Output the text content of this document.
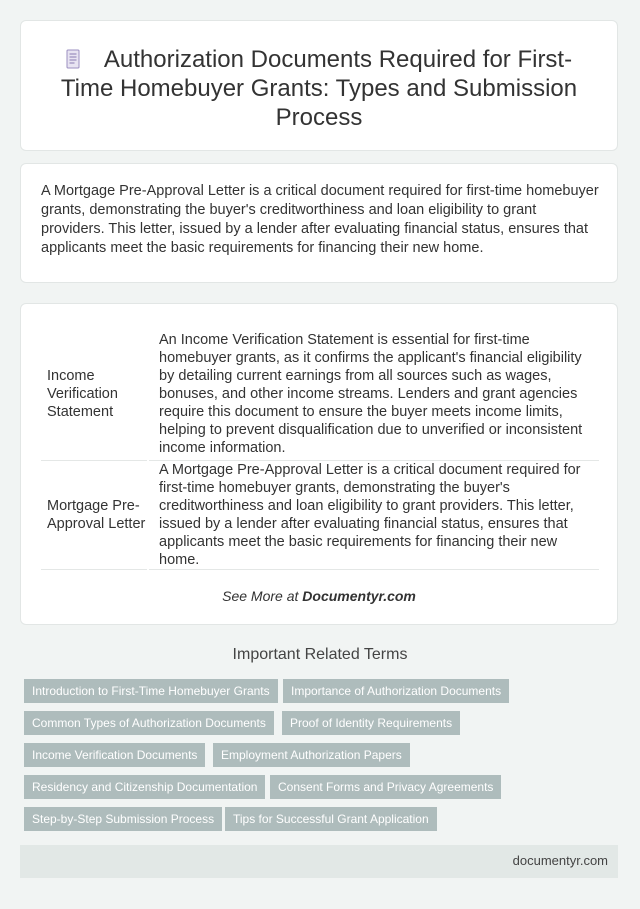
Authorization Documents Required for First-Time Homebuyer Grants: Types and Submission Process

A Mortgage Pre-Approval Letter is a critical document required for first-time homebuyer grants, demonstrating the buyer's creditworthiness and loan eligibility to grant providers. This letter, issued by a lender after evaluating financial status, ensures that applicants meet the basic requirements for financing their new home.

Income Verification Statement	An Income Verification Statement is essential for first-time homebuyer grants, as it confirms the applicant's financial eligibility by detailing current earnings from all sources such as wages, bonuses, and other income streams. Lenders and grant agencies require this document to ensure the buyer meets income limits, helping to prevent disqualification due to unverified or inconsistent income information.
Mortgage Pre-Approval Letter	A Mortgage Pre-Approval Letter is a critical document required for first-time homebuyer grants, demonstrating the buyer's creditworthiness and loan eligibility to grant providers. This letter, issued by a lender after evaluating financial status, ensures that applicants meet the basic requirements for financing their new home.
See More at Documentyr.com
Important Related Terms
Introduction to First-Time Homebuyer Grants	Importance of Authorization Documents
Common Types of Authorization Documents	Proof of Identity Requirements
Income Verification Documents	Employment Authorization Papers
Residency and Citizenship Documentation	Consent Forms and Privacy Agreements
Step-by-Step Submission Process	Tips for Successful Grant Application
documentyr.com
